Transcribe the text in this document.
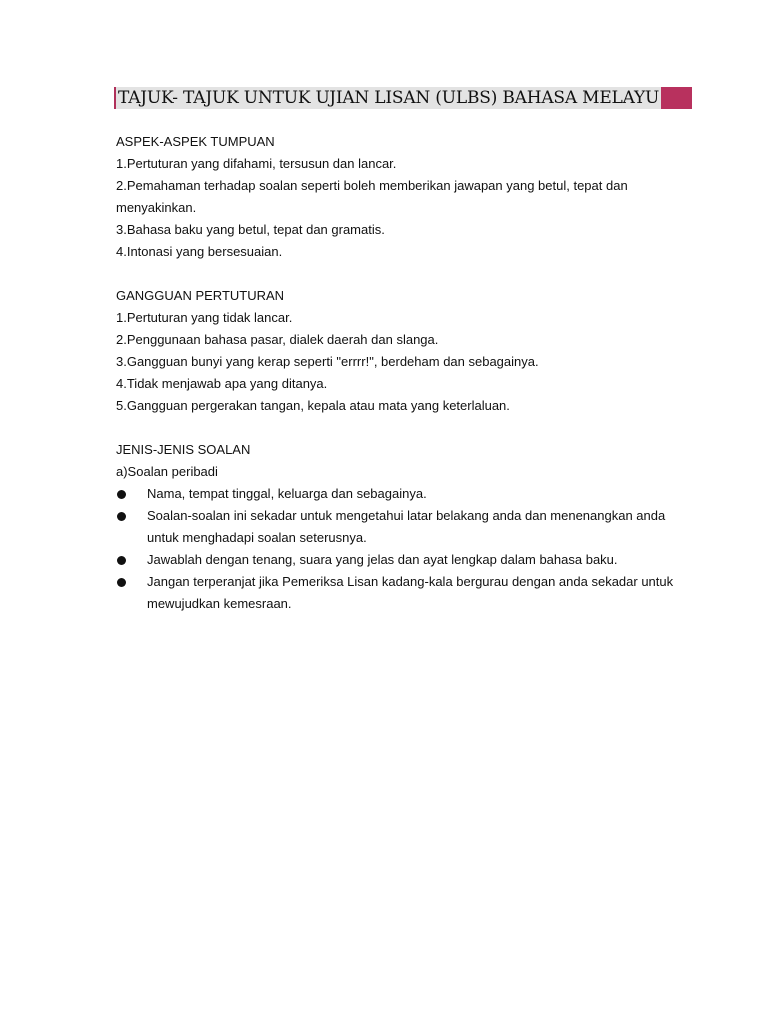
TAJUK- TAJUK UNTUK UJIAN LISAN (ULBS) BAHASA MELAYU
ASPEK-ASPEK TUMPUAN
1.Pertuturan yang difahami, tersusun dan lancar.
2.Pemahaman terhadap soalan seperti boleh memberikan jawapan yang betul, tepat dan menyakinkan.
3.Bahasa baku yang betul, tepat dan gramatis.
4.Intonasi yang bersesuaian.
GANGGUAN PERTUTURAN
1.Pertuturan yang tidak lancar.
2.Penggunaan bahasa pasar, dialek daerah dan slanga.
3.Gangguan bunyi yang kerap seperti "errrr!", berdeham dan sebagainya.
4.Tidak menjawab apa yang ditanya.
5.Gangguan pergerakan tangan, kepala atau mata yang keterlaluan.
JENIS-JENIS SOALAN
a)Soalan peribadi
Nama, tempat tinggal, keluarga dan sebagainya.
Soalan-soalan ini sekadar untuk mengetahui latar belakang anda dan menenangkan anda untuk menghadapi soalan seterusnya.
Jawablah dengan tenang, suara yang jelas dan ayat lengkap dalam bahasa baku.
Jangan terperanjat jika Pemeriksa Lisan kadang-kala bergurau dengan anda sekadar untuk mewujudkan kemesraan.
